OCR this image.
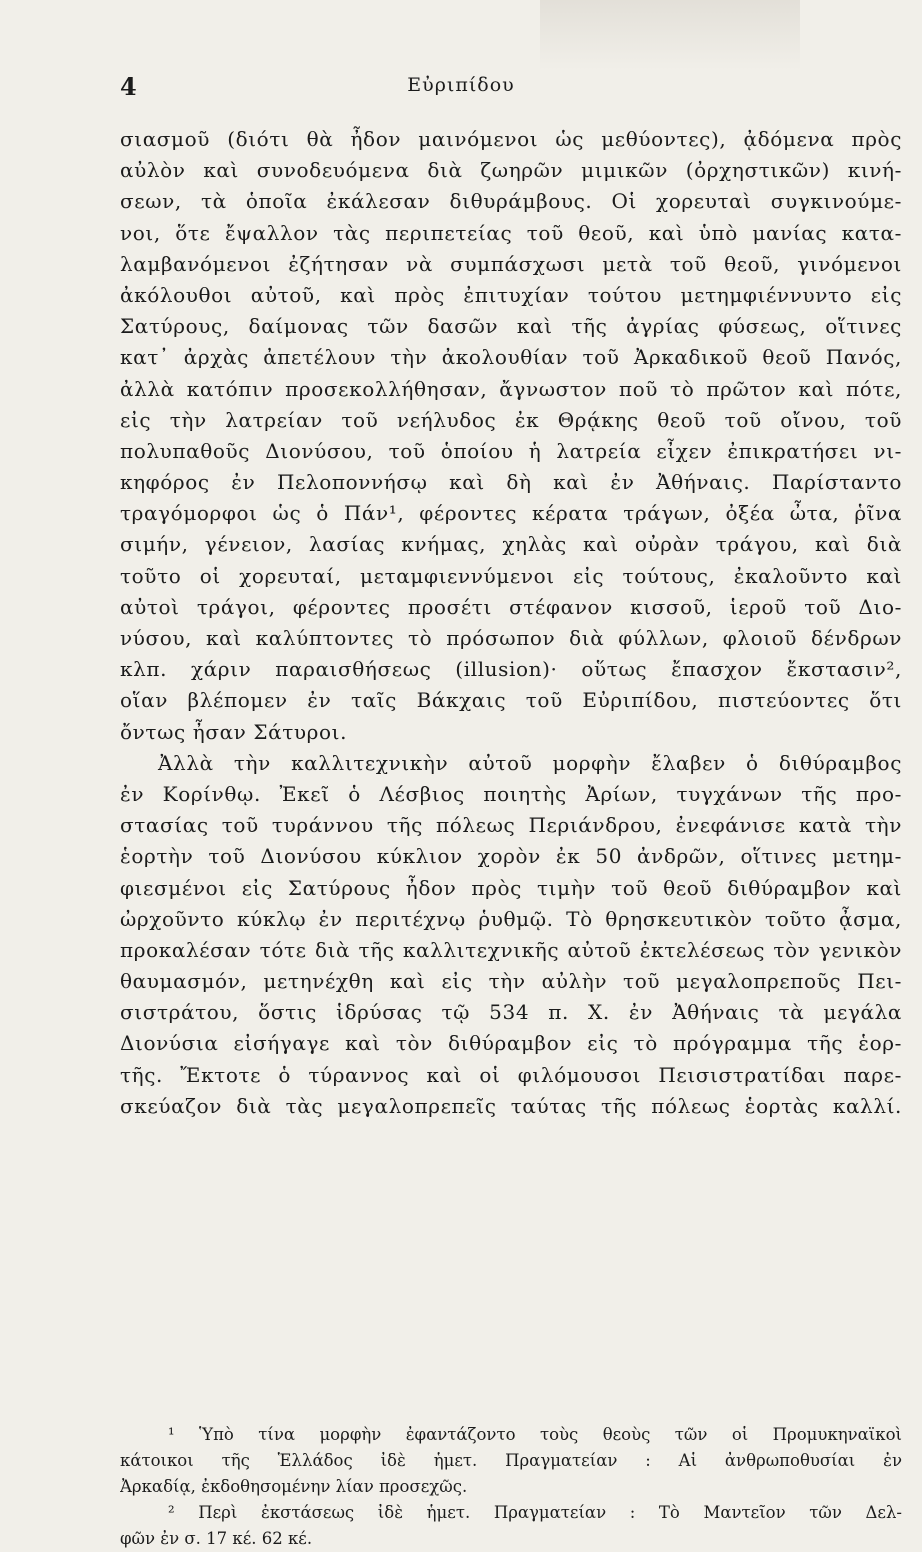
4	Εὐριπίδου
σιασμοῦ (διότι θὰ ἦδον μαινόμενοι ὡς μεθύοντες), ᾀδόμενα πρὸς
αὐλὸν καὶ συνοδευόμενα διὰ ζωηρῶν μιμικῶν (ὀρχηστικῶν) κινή-
σεων, τὰ ὁποῖα ἐκάλεσαν διθυράμβους. Οἱ χορευταὶ συγκινούμε-
νοι, ὅτε ἔψαλλον τὰς περιπετείας τοῦ θεοῦ, καὶ ὑπὸ μανίας κατα-
λαμβανόμενοι ἐζήτησαν νὰ συμπάσχωσι μετὰ τοῦ θεοῦ, γινόμενοι
ἀκόλουθοι αὐτοῦ, καὶ πρὸς ἐπιτυχίαν τούτου μετημφιέννυντο εἰς
Σατύρους, δαίμονας τῶν δασῶν καὶ τῆς ἀγρίας φύσεως, οἵτινες
κατ᾽ ἀρχὰς ἀπετέλουν τὴν ἀκολουθίαν τοῦ Ἀρκαδικοῦ θεοῦ Πανός,
ἀλλὰ κατόπιν προσεκολλήθησαν, ἄγνωστον ποῦ τὸ πρῶτον καὶ πότε,
εἰς τὴν λατρείαν τοῦ νεήλυδος ἐκ Θρᾴκης θεοῦ τοῦ οἴνου, τοῦ
πολυπαθοῦς Διονύσου, τοῦ ὁποίου ἡ λατρεία εἶχεν ἐπικρατήσει νι-
κηφόρος ἐν Πελοποννήσῳ καὶ δὴ καὶ ἐν Ἀθήναις. Παρίσταντο
τραγόμορφοι ὡς ὁ Πάν¹, φέροντες κέρατα τράγων, ὀξέα ὦτα, ῥῖνα
σιμήν, γένειον, λασίας κνήμας, χηλὰς καὶ οὐρὰν τράγου, καὶ διὰ
τοῦτο οἱ χορευταί, μεταμφιεννύμενοι εἰς τούτους, ἐκαλοῦντο καὶ
αὐτοὶ τράγοι, φέροντες προσέτι στέφανον κισσοῦ, ἱεροῦ τοῦ Διο-
νύσου, καὶ καλύπτοντες τὸ πρόσωπον διὰ φύλλων, φλοιοῦ δένδρων
κλπ. χάριν παραισθήσεως (illusion)· οὕτως ἔπασχον ἔκστασιν²,
οἵαν βλέπομεν ἐν ταῖς Βάκχαις τοῦ Εὐριπίδου, πιστεύοντες ὅτι
ὄντως ἦσαν Σάτυροι.
Ἀλλὰ τὴν καλλιτεχνικὴν αὐτοῦ μορφὴν ἔλαβεν ὁ διθύραμβος
ἐν Κορίνθῳ. Ἐκεῖ ὁ Λέσβιος ποιητὴς Ἀρίων, τυγχάνων τῆς προ-
στασίας τοῦ τυράννου τῆς πόλεως Περιάνδρου, ἐνεφάνισε κατὰ τὴν
ἑορτὴν τοῦ Διονύσου κύκλιον χορὸν ἐκ 50 ἀνδρῶν, οἵτινες μετημ-
φιεσμένοι εἰς Σατύρους ἦδον πρὸς τιμὴν τοῦ θεοῦ διθύραμβον καὶ
ὠρχοῦντο κύκλῳ ἐν περιτέχνῳ ῥυθμῷ. Τὸ θρησκευτικὸν τοῦτο ᾆσμα,
προκαλέσαν τότε διὰ τῆς καλλιτεχνικῆς αὐτοῦ ἐκτελέσεως τὸν γενικὸν
θαυμασμόν, μετηνέχθη καὶ εἰς τὴν αὐλὴν τοῦ μεγαλοπρεποῦς Πει-
σιστράτου, ὅστις ἱδρύσας τῷ 534 π. Χ. ἐν Ἀθήναις τὰ μεγάλα
Διονύσια εἰσήγαγε καὶ τὸν διθύραμβον εἰς τὸ πρόγραμμα τῆς ἑορ-
τῆς. Ἔκτοτε ὁ τύραννος καὶ οἱ φιλόμουσοι Πεισιστρατίδαι παρε-
σκεύαζον διὰ τὰς μεγαλοπρεπεῖς ταύτας τῆς πόλεως ἑορτὰς καλλί.
¹ Ὑπὸ τίνα μορφὴν ἐφαντάζοντο τοὺς θεοὺς τῶν οἱ Προμυκηναϊκοὶ
κάτοικοι τῆς Ἑλλάδος ἰδὲ ἡμετ. Πραγματείαν : Αἱ ἀνθρωποθυσίαι ἐν
Ἀρκαδίᾳ, ἐκδοθησομένην λίαν προσεχῶς.
² Περὶ ἐκστάσεως ἰδὲ ἡμετ. Πραγματείαν : Τὸ Μαντεῖον τῶν Δελ-
φῶν ἐν σ. 17 κέ. 62 κέ.
